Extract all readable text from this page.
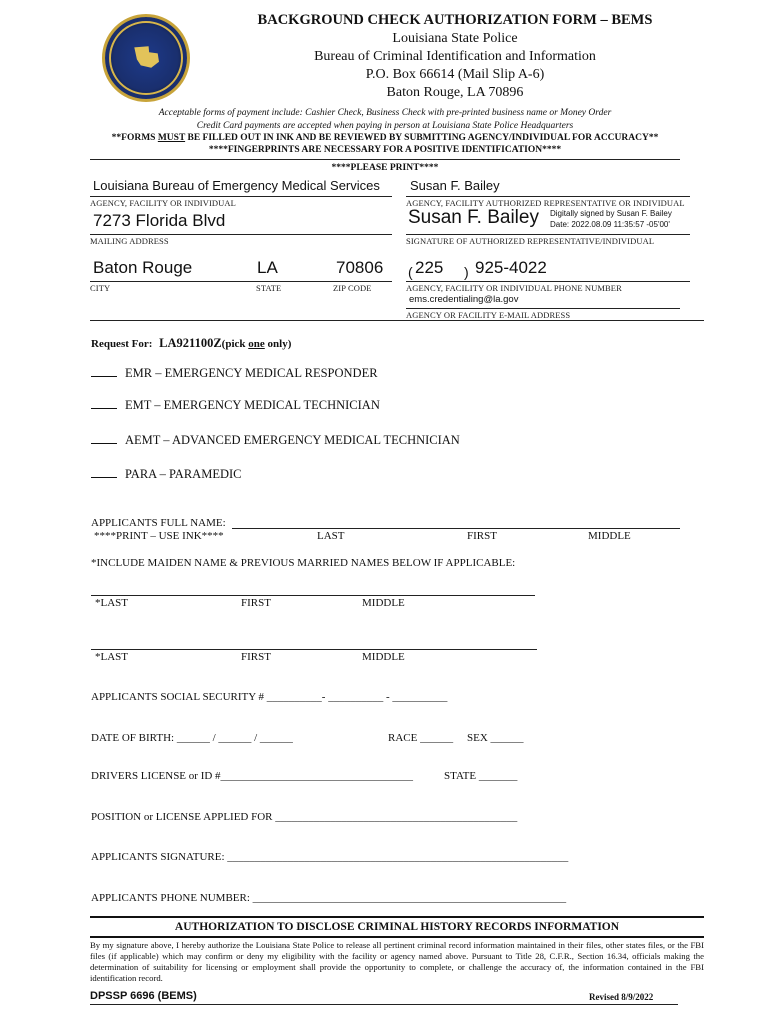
BACKGROUND CHECK AUTHORIZATION FORM – BEMS
Louisiana State Police
Bureau of Criminal Identification and Information
P.O. Box 66614 (Mail Slip A-6)
Baton Rouge, LA 70896
Acceptable forms of payment include: Cashier Check, Business Check with pre-printed business name or Money Order
Credit Card payments are accepted when paying in person at Louisiana State Police Headquarters
**FORMS MUST BE FILLED OUT IN INK AND BE REVIEWED BY SUBMITTING AGENCY/INDIVIDUAL FOR ACCURACY**
****FINGERPRINTS ARE NECESSARY FOR A POSITIVE IDENTIFICATION****
****PLEASE PRINT****
Louisiana Bureau of Emergency Medical Services
AGENCY, FACILITY OR INDIVIDUAL
7273 Florida Blvd
MAILING ADDRESS
Baton Rouge	LA	70806
CITY	STATE	ZIP CODE
Susan F. Bailey
AGENCY, FACILITY AUTHORIZED REPRESENTATIVE OR INDIVIDUAL
Susan F. Bailey Digitally signed by Susan F. Bailey
Date: 2022.08.09 11:35:57 -05'00'
SIGNATURE OF AUTHORIZED REPRESENTATIVE/INDIVIDUAL
( 225 ) 925-4022
AGENCY, FACILITY OR INDIVIDUAL PHONE NUMBER
ems.credentialing@la.gov
AGENCY OR FACILITY E-MAIL ADDRESS
Request For: LA921100Z(pick one only)
EMR – EMERGENCY MEDICAL RESPONDER
EMT – EMERGENCY MEDICAL TECHNICIAN
AEMT – ADVANCED EMERGENCY MEDICAL TECHNICIAN
PARA – PARAMEDIC
APPLICANTS FULL NAME:
****PRINT – USE INK****	LAST	FIRST	MIDDLE
*INCLUDE MAIDEN NAME & PREVIOUS MARRIED NAMES BELOW IF APPLICABLE:
*LAST	FIRST	MIDDLE
*LAST	FIRST	MIDDLE
APPLICANTS SOCIAL SECURITY # __________- __________ - __________
DATE OF BIRTH: ______ / ______ / ______	RACE ______ SEX ______
DRIVERS LICENSE or ID #___________________________________	STATE _______
POSITION or LICENSE APPLIED FOR ____________________________________________
APPLICANTS SIGNATURE: ______________________________________________________________
APPLICANTS PHONE NUMBER: _________________________________________________________
AUTHORIZATION TO DISCLOSE CRIMINAL HISTORY RECORDS INFORMATION
By my signature above, I hereby authorize the Louisiana State Police to release all pertinent criminal record information maintained in their files, other states files, or the FBI files (if applicable) which may confirm or deny my eligibility with the facility or agency named above. Pursuant to Title 28, C.F.R., Section 16.34, officials making the determination of suitability for licensing or employment shall provide the opportunity to complete, or challenge the accuracy of, the information contained in the FBI identification record.
DPSSP 6696 (BEMS)	Revised 8/9/2022
